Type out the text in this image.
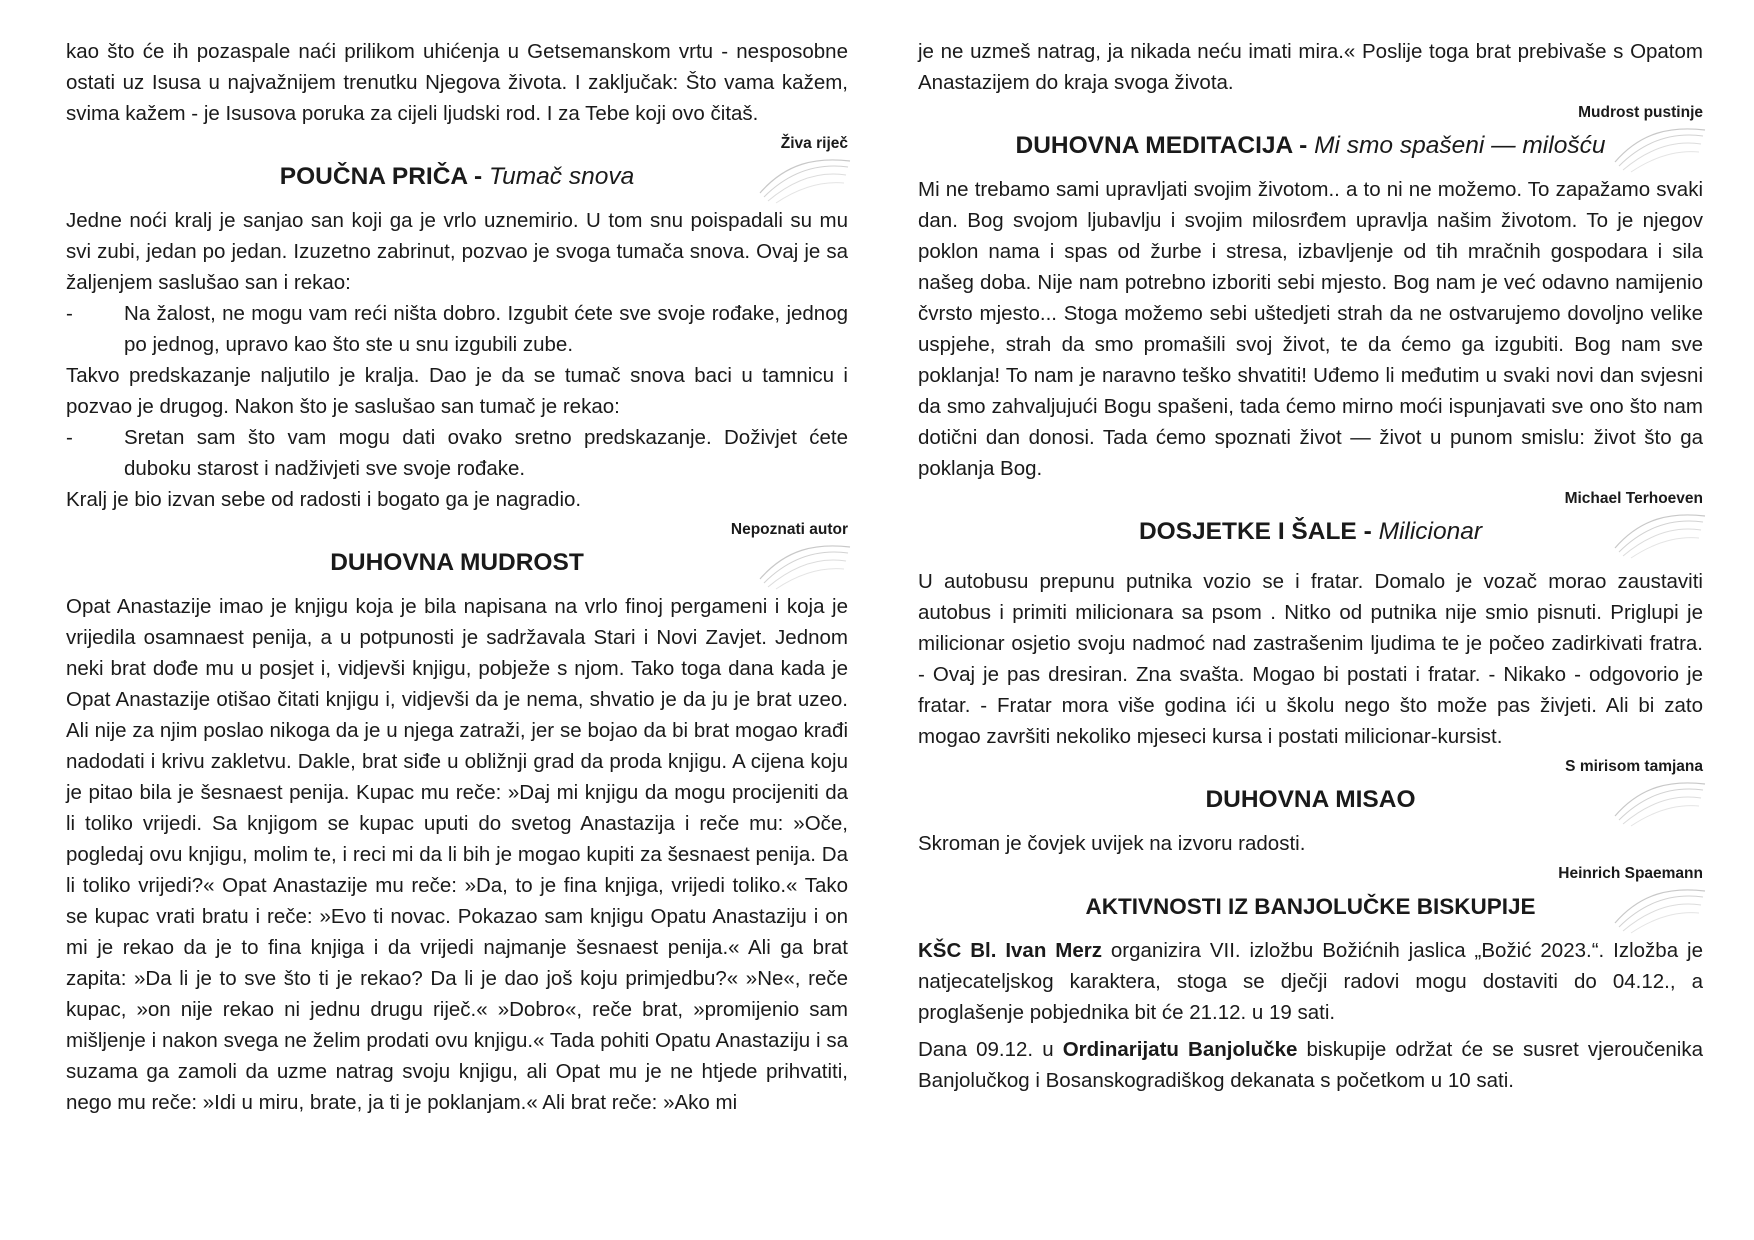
kao što će ih pozaspale naći prilikom uhićenja u Getsemanskom vrtu - nesposobne ostati uz Isusa u najvažnijem trenutku Njegova života. I zaključak: Što vama kažem, svima kažem - je Isusova poruka za cijeli ljudski rod. I za Tebe koji ovo čitaš.

Živa riječ
POUČNA PRIČA - Tumač snova

Jedne noći kralj je sanjao san koji ga je vrlo uznemirio. U tom snu poispadali su mu svi zubi, jedan po jedan. Izuzetno zabrinut, pozvao je svoga tumača snova. Ovaj je sa žaljenjem saslušao san i rekao:

-	Na žalost, ne mogu vam reći ništa dobro. Izgubit ćete sve svoje rođake, jednog po jednog, upravo kao što ste u snu izgubili zube.

Takvo predskazanje naljutilo je kralja. Dao je da se tumač snova baci u tamnicu i pozvao je drugog. Nakon što je saslušao san tumač je rekao:

-	Sretan sam što vam mogu dati ovako sretno predskazanje. Doživjet ćete duboku starost i nadživjeti sve svoje rođake.

Kralj je bio izvan sebe od radosti i bogato ga je nagradio.

Nepoznati autor
DUHOVNA MUDROST

Opat Anastazije imao je knjigu koja je bila napisana na vrlo finoj pergameni i koja je vrijedila osamnaest penija, a u potpunosti je sadržavala Stari i Novi Zavjet. Jednom neki brat dođe mu u posjet i, vidjevši knjigu, pobježe s njom. Tako toga dana kada je Opat Anastazije otišao čitati knjigu i, vidjevši da je nema, shvatio je da ju je brat uzeo. Ali nije za njim poslao nikoga da je u njega zatraži, jer se bojao da bi brat mogao krađi nadodati i krivu zakletvu. Dakle, brat siđe u obližnji grad da proda knjigu. A cijena koju je pitao bila je šesnaest penija. Kupac mu reče: »Daj mi knjigu da mogu procijeniti da li toliko vrijedi. Sa knjigom se kupac uputi do svetog Anastazija i reče mu: »Oče, pogledaj ovu knjigu, molim te, i reci mi da li bih je mogao kupiti za šesnaest penija. Da li toliko vrijedi?« Opat Anastazije mu reče: »Da, to je fina knjiga, vrijedi toliko.« Tako se kupac vrati bratu i reče: »Evo ti novac. Pokazao sam knjigu Opatu Anastaziju i on mi je rekao da je to fina knjiga i da vrijedi najmanje šesnaest penija.« Ali ga brat zapita: »Da li je to sve što ti je rekao? Da li je dao još koju primjedbu?« »Ne«, reče kupac, »on nije rekao ni jednu drugu riječ.« »Dobro«, reče brat, »promijenio sam mišljenje i nakon svega ne želim prodati ovu knjigu.« Tada pohiti Opatu Anastaziju i sa suzama ga zamoli da uzme natrag svoju knjigu, ali Opat mu je ne htjede prihvatiti, nego mu reče: »Idi u miru, brate, ja ti je poklanjam.« Ali brat reče: »Ako mi

je ne uzmeš natrag, ja nikada neću imati mira.« Poslije toga brat prebivaše s Opatom Anastazijem do kraja svoga života.

Mudrost pustinje
DUHOVNA MEDITACIJA - Mi smo spašeni — milošću

Mi ne trebamo sami upravljati svojim životom.. a to ni ne možemo. To zapažamo svaki dan. Bog svojom ljubavlju i svojim milosrđem upravlja našim životom. To je njegov poklon nama i spas od žurbe i stresa, izbavljenje od tih mračnih gospodara i sila našeg doba. Nije nam potrebno izboriti sebi mjesto. Bog nam je već odavno namijenio čvrsto mjesto... Stoga možemo sebi uštedjeti strah da ne ostvarujemo dovoljno velike uspjehe, strah da smo promašili svoj život, te da ćemo ga izgubiti. Bog nam sve poklanja! To nam je naravno teško shvatiti! Uđemo li međutim u svaki novi dan svjesni da smo zahvaljujući Bogu spašeni, tada ćemo mirno moći ispunjavati sve ono što nam dotični dan donosi. Tada ćemo spoznati život — život u punom smislu: život što ga poklanja Bog.

Michael Terhoeven
DOSJETKE I ŠALE - Milicionar

U autobusu prepunu putnika vozio se i fratar. Domalo je vozač morao zaustaviti autobus i primiti milicionara sa psom . Nitko od putnika nije smio pisnuti. Priglupi je milicionar osjetio svoju nadmoć nad zastrašenim ljudima te je počeo zadirkivati fratra. - Ovaj je pas dresiran. Zna svašta. Mogao bi postati i fratar. - Nikako - odgovorio je fratar. - Fratar mora više godina ići u školu nego što može pas živjeti. Ali bi zato mogao završiti nekoliko mjeseci kursa i postati milicionar-kursist.

S mirisom tamjana
DUHOVNA MISAO

Skroman je čovjek uvijek na izvoru radosti.

Heinrich Spaemann
AKTIVNOSTI IZ BANJOLUČKE BISKUPIJE

KŠC Bl. Ivan Merz organizira VII. izložbu Božićnih jaslica „Božić 2023.“. Izložba je natjecateljskog karaktera, stoga se dječji radovi mogu dostaviti do 04.12., a proglašenje pobjednika bit će 21.12. u 19 sati.

Dana 09.12. u Ordinarijatu Banjolučke biskupije održat će se susret vjeroučenika Banjolučkog i Bosanskogradiškog dekanata s početkom u 10 sati.
